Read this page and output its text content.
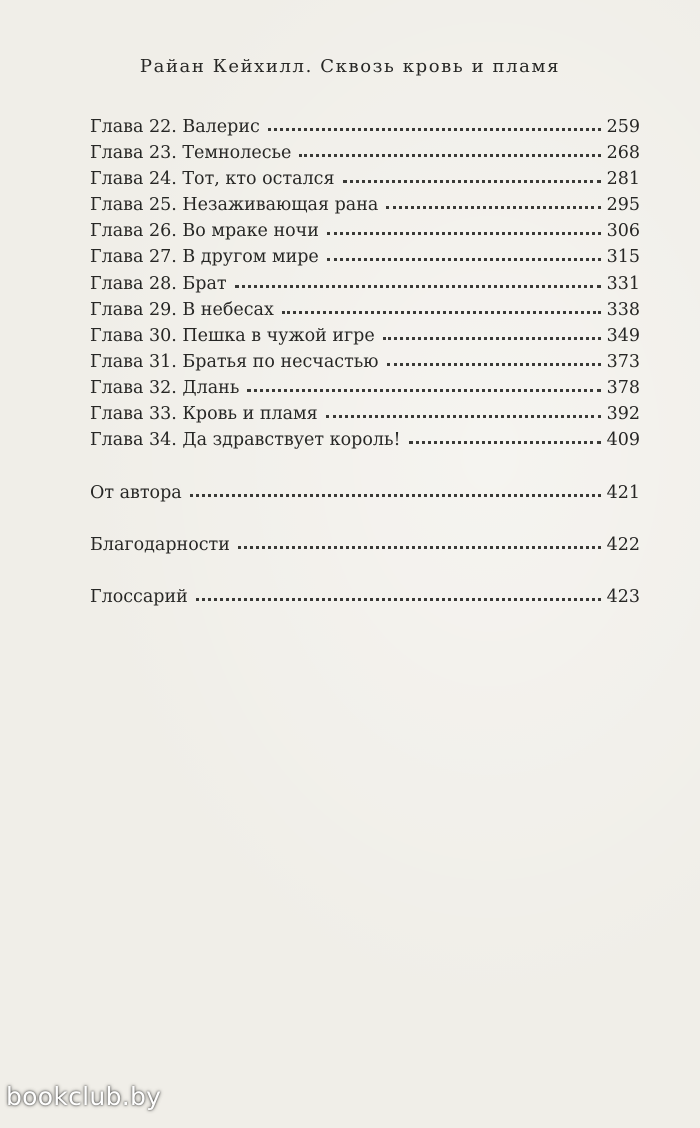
Райан Кейхилл. Сквозь кровь и пламя
Глава 22. Валерис	259
Глава 23. Темнолесье	268
Глава 24. Тот, кто остался	281
Глава 25. Незаживающая рана	295
Глава 26. Во мраке ночи	306
Глава 27. В другом мире	315
Глава 28. Брат	331
Глава 29. В небесах	338
Глава 30. Пешка в чужой игре	349
Глава 31. Братья по несчастью	373
Глава 32. Длань	378
Глава 33. Кровь и пламя	392
Глава 34. Да здравствует король!	409
От автора	421
Благодарности	422
Глоссарий	423
bookclub.by
